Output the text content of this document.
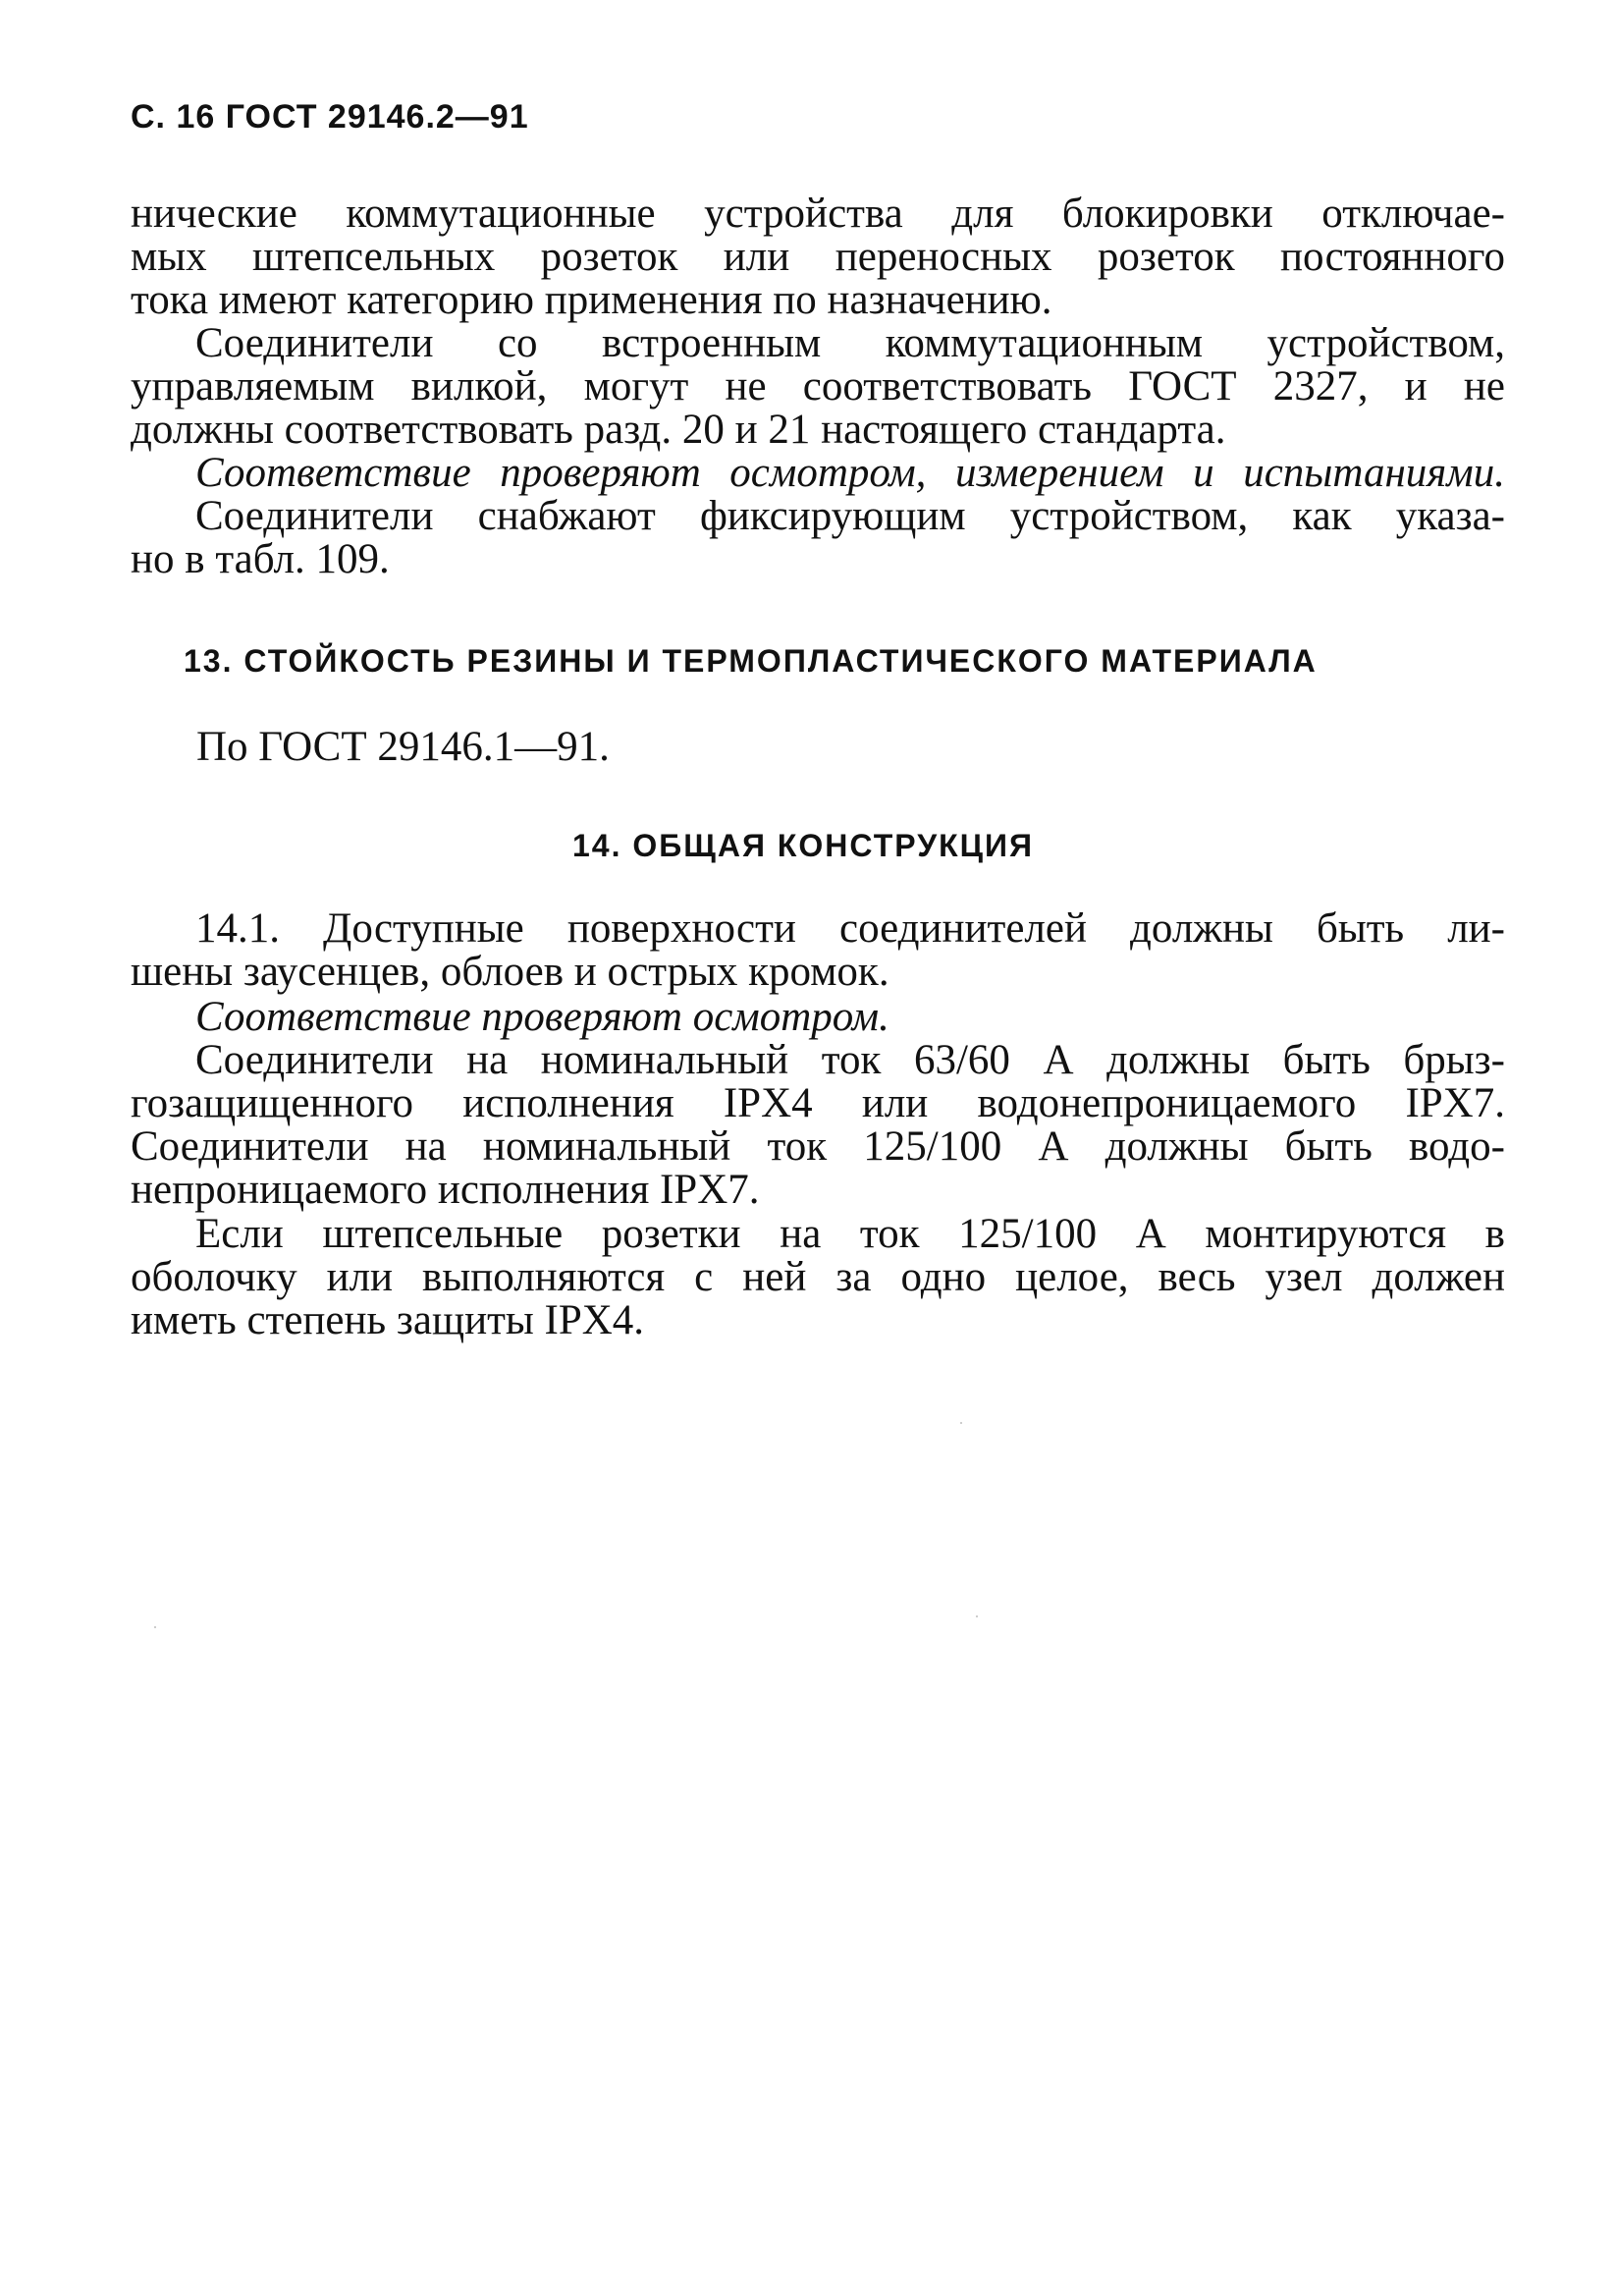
С. 16 ГОСТ 29146.2—91
нические коммутационные устройства для блокировки отключае-
мых штепсельных розеток или переносных розеток постоянного
тока имеют категорию применения по назначению.
Соединители со встроенным коммутационным устройством,
управляемым вилкой, могут не соответствовать ГОСТ 2327, и не
должны соответствовать разд. 20 и 21 настоящего стандарта.
Соответствие проверяют осмотром, измерением и испытаниями.
Соединители снабжают фиксирующим устройством, как указа-
но в табл. 109.
13. СТОЙКОСТЬ РЕЗИНЫ И ТЕРМОПЛАСТИЧЕСКОГО МАТЕРИАЛА
По ГОСТ 29146.1—91.
14. ОБЩАЯ КОНСТРУКЦИЯ
14.1. Доступные поверхности соединителей должны быть ли-
шены заусенцев, облоев и острых кромок.
Соответствие проверяют осмотром.
Соединители на номинальный ток 63/60 А должны быть брыз-
гозащищенного исполнения IPX4 или водонепроницаемого IPX7.
Соединители на номинальный ток 125/100 А должны быть водо-
непроницаемого исполнения IPX7.
Если штепсельные розетки на ток 125/100 А монтируются в
оболочку или выполняются с ней за одно целое, весь узел должен
иметь степень защиты IPX4.
